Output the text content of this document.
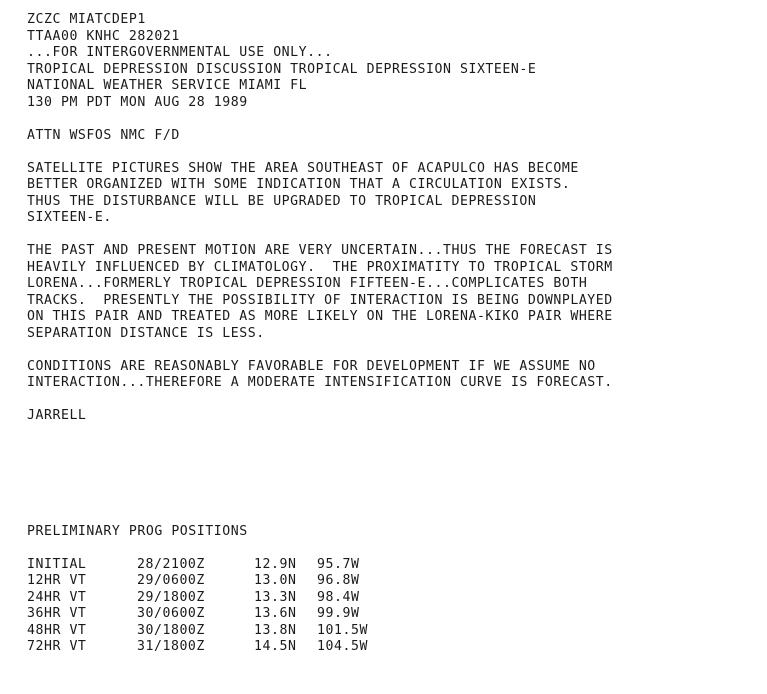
ZCZC MIATCDEP1
TTAA00 KNHC 282021
...FOR INTERGOVERNMENTAL USE ONLY...
TROPICAL DEPRESSION DISCUSSION TROPICAL DEPRESSION SIXTEEN-E
NATIONAL WEATHER SERVICE MIAMI FL
130 PM PDT MON AUG 28 1989
ATTN WSFOS NMC F/D
SATELLITE PICTURES SHOW THE AREA SOUTHEAST OF ACAPULCO HAS BECOME
BETTER ORGANIZED WITH SOME INDICATION THAT A CIRCULATION EXISTS.
THUS THE DISTURBANCE WILL BE UPGRADED TO TROPICAL DEPRESSION
SIXTEEN-E.
THE PAST AND PRESENT MOTION ARE VERY UNCERTAIN...THUS THE FORECAST IS
HEAVILY INFLUENCED BY CLIMATOLOGY.  THE PROXIMATITY TO TROPICAL STORM
LORENA...FORMERLY TROPICAL DEPRESSION FIFTEEN-E...COMPLICATES BOTH
TRACKS.  PRESENTLY THE POSSIBILITY OF INTERACTION IS BEING DOWNPLAYED
ON THIS PAIR AND TREATED AS MORE LIKELY ON THE LORENA-KIKO PAIR WHERE
SEPARATION DISTANCE IS LESS.
CONDITIONS ARE REASONABLY FAVORABLE FOR DEVELOPMENT IF WE ASSUME NO
INTERACTION...THEREFORE A MODERATE INTENSIFICATION CURVE IS FORECAST.
JARRELL
PRELIMINARY PROG POSITIONS
INITIAL	28/2100Z	12.9N	95.7W
12HR VT	29/0600Z	13.0N	96.8W
24HR VT	29/1800Z	13.3N	98.4W
36HR VT	30/0600Z	13.6N	99.9W
48HR VT	30/1800Z	13.8N	101.5W
72HR VT	31/1800Z	14.5N	104.5W
